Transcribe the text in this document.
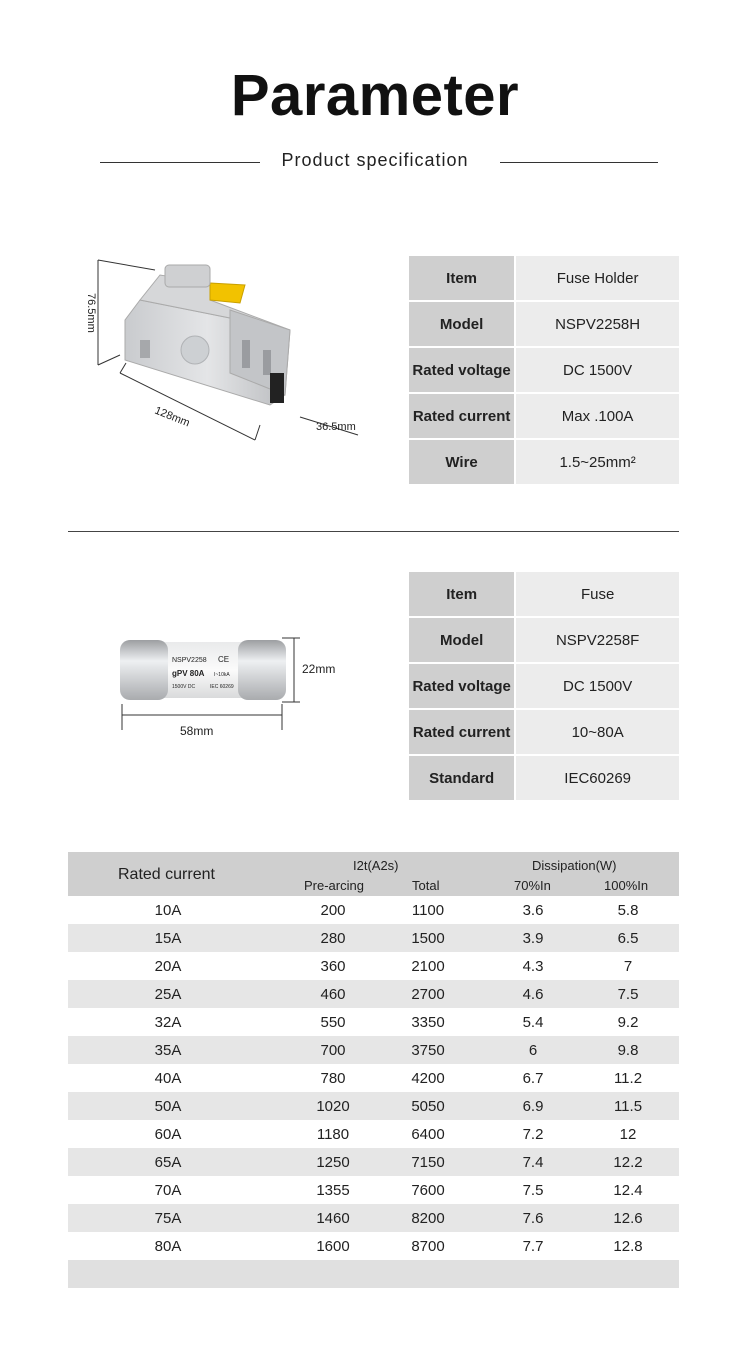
Parameter
Product specification
76.5mm
128mm	36.5mm
Item	Fuse Holder
Model	NSPV2258H
Rated voltage	DC 1500V
Rated current	Max .100A
Wire	1.5~25mm²
NSPV2258 CE
gPV 80A I~10kA
1500V DC	IEC 60269
22mm
58mm
Item	Fuse
Model	NSPV2258F
Rated voltage	DC 1500V
Rated current	10~80A
Standard	IEC60269
Rated current
I2t(A2s)
Pre-arcing	Total
Dissipation(W)
70%In	100%In
10A	200	1100	3.6	5.8
15A	280	1500	3.9	6.5
20A	360	2100	4.3	7
25A	460	2700	4.6	7.5
32A	550	3350	5.4	9.2
35A	700	3750	6	9.8
40A	780	4200	6.7	11.2
50A	1020	5050	6.9	11.5
60A	1180	6400	7.2	12
65A	1250	7150	7.4	12.2
70A	1355	7600	7.5	12.4
75A	1460	8200	7.6	12.6
80A	1600	8700	7.7	12.8
